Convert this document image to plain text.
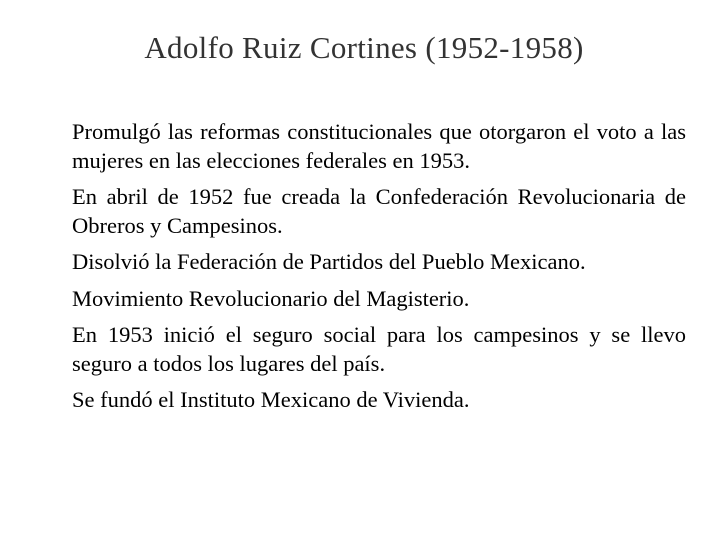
Adolfo Ruiz Cortines (1952-1958)

Promulgó las reformas constitucionales que otorgaron el voto a las mujeres en las elecciones federales en 1953.

En abril de 1952 fue creada la Confederación Revolucionaria de Obreros y Campesinos.

Disolvió la Federación de Partidos del Pueblo Mexicano.

Movimiento Revolucionario del Magisterio.

En 1953 inició el seguro social para los campesinos y se llevo seguro a todos los lugares del país.

Se fundó el Instituto Mexicano de Vivienda.
